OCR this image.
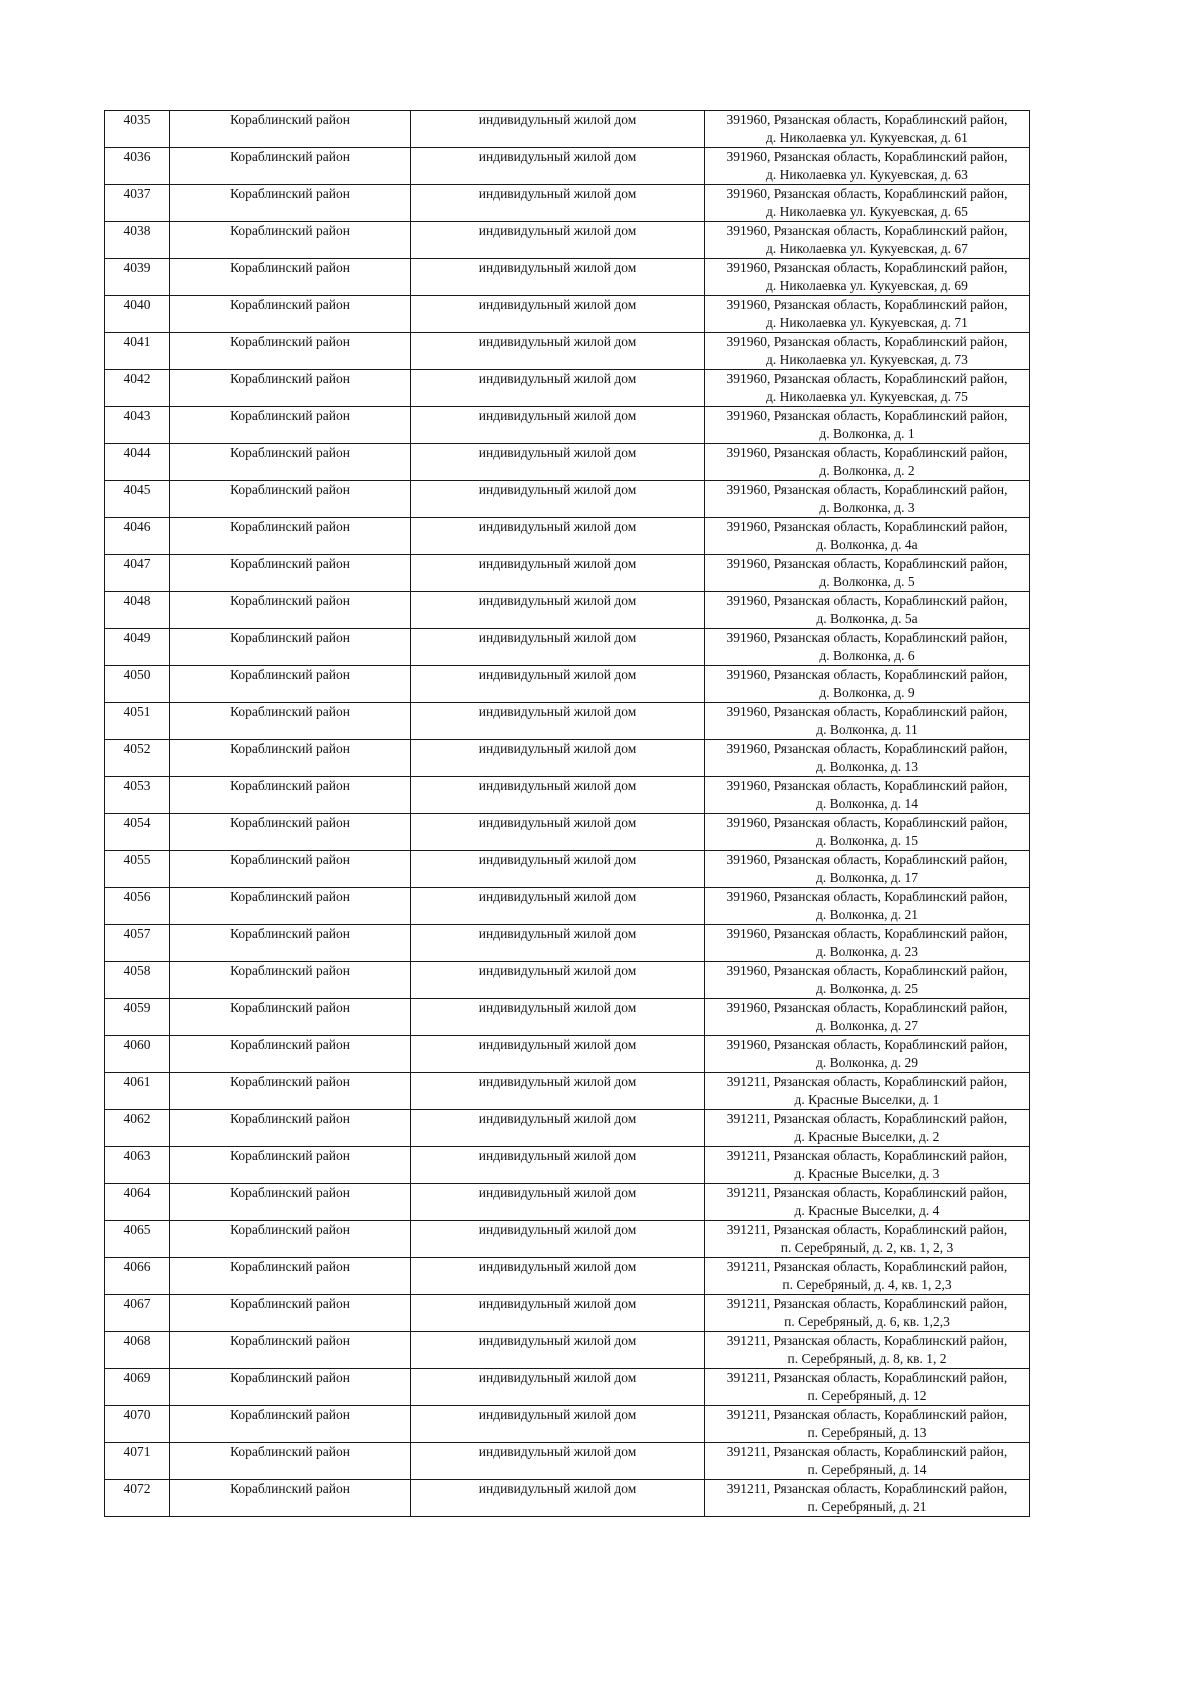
4035	Кораблинский район	индивидульный жилой дом	391960, Рязанская область, Кораблинский район,
д. Николаевка ул. Кукуевская, д. 61

4036	Кораблинский район	индивидульный жилой дом	391960, Рязанская область, Кораблинский район,
д. Николаевка ул. Кукуевская, д. 63

4037	Кораблинский район	индивидульный жилой дом	391960, Рязанская область, Кораблинский район,
д. Николаевка ул. Кукуевская, д. 65

4038	Кораблинский район	индивидульный жилой дом	391960, Рязанская область, Кораблинский район,
д. Николаевка ул. Кукуевская, д. 67

4039	Кораблинский район	индивидульный жилой дом	391960, Рязанская область, Кораблинский район,
д. Николаевка ул. Кукуевская, д. 69

4040	Кораблинский район	индивидульный жилой дом	391960, Рязанская область, Кораблинский район,
д. Николаевка ул. Кукуевская, д. 71

4041	Кораблинский район	индивидульный жилой дом	391960, Рязанская область, Кораблинский район,
д. Николаевка ул. Кукуевская, д. 73

4042	Кораблинский район	индивидульный жилой дом	391960, Рязанская область, Кораблинский район,
д. Николаевка ул. Кукуевская, д. 75

4043	Кораблинский район	индивидульный жилой дом	391960, Рязанская область, Кораблинский район,
д. Волконка, д. 1

4044	Кораблинский район	индивидульный жилой дом	391960, Рязанская область, Кораблинский район,
д. Волконка, д. 2

4045	Кораблинский район	индивидульный жилой дом	391960, Рязанская область, Кораблинский район,
д. Волконка, д. 3

4046	Кораблинский район	индивидульный жилой дом	391960, Рязанская область, Кораблинский район,
д. Волконка, д. 4а

4047	Кораблинский район	индивидульный жилой дом	391960, Рязанская область, Кораблинский район,
д. Волконка, д. 5

4048	Кораблинский район	индивидульный жилой дом	391960, Рязанская область, Кораблинский район,
д. Волконка, д. 5а

4049	Кораблинский район	индивидульный жилой дом	391960, Рязанская область, Кораблинский район,
д. Волконка, д. 6

4050	Кораблинский район	индивидульный жилой дом	391960, Рязанская область, Кораблинский район,
д. Волконка, д. 9

4051	Кораблинский район	индивидульный жилой дом	391960, Рязанская область, Кораблинский район,
д. Волконка, д. 11

4052	Кораблинский район	индивидульный жилой дом	391960, Рязанская область, Кораблинский район,
д. Волконка, д. 13

4053	Кораблинский район	индивидульный жилой дом	391960, Рязанская область, Кораблинский район,
д. Волконка, д. 14

4054	Кораблинский район	индивидульный жилой дом	391960, Рязанская область, Кораблинский район,
д. Волконка, д. 15

4055	Кораблинский район	индивидульный жилой дом	391960, Рязанская область, Кораблинский район,
д. Волконка, д. 17

4056	Кораблинский район	индивидульный жилой дом	391960, Рязанская область, Кораблинский район,
д. Волконка, д. 21

4057	Кораблинский район	индивидульный жилой дом	391960, Рязанская область, Кораблинский район,
д. Волконка, д. 23

4058	Кораблинский район	индивидульный жилой дом	391960, Рязанская область, Кораблинский район,
д. Волконка, д. 25

4059	Кораблинский район	индивидульный жилой дом	391960, Рязанская область, Кораблинский район,
д. Волконка, д. 27

4060	Кораблинский район	индивидульный жилой дом	391960, Рязанская область, Кораблинский район,
д. Волконка, д. 29

4061	Кораблинский район	индивидульный жилой дом	391211, Рязанская область, Кораблинский район,
д. Красные Выселки, д. 1

4062	Кораблинский район	индивидульный жилой дом	391211, Рязанская область, Кораблинский район,
д. Красные Выселки, д. 2

4063	Кораблинский район	индивидульный жилой дом	391211, Рязанская область, Кораблинский район,
д. Красные Выселки, д. 3

4064	Кораблинский район	индивидульный жилой дом	391211, Рязанская область, Кораблинский район,
д. Красные Выселки, д. 4

4065	Кораблинский район	индивидульный жилой дом	391211, Рязанская область, Кораблинский район,
п. Серебряный, д. 2, кв. 1, 2, 3

4066	Кораблинский район	индивидульный жилой дом	391211, Рязанская область, Кораблинский район,
п. Серебряный, д. 4, кв. 1, 2,3

4067	Кораблинский район	индивидульный жилой дом	391211, Рязанская область, Кораблинский район,
п. Серебряный, д. 6, кв. 1,2,3

4068	Кораблинский район	индивидульный жилой дом	391211, Рязанская область, Кораблинский район,
п. Серебряный, д. 8, кв. 1, 2

4069	Кораблинский район	индивидульный жилой дом	391211, Рязанская область, Кораблинский район,
п. Серебряный, д. 12

4070	Кораблинский район	индивидульный жилой дом	391211, Рязанская область, Кораблинский район,
п. Серебряный, д. 13

4071	Кораблинский район	индивидульный жилой дом	391211, Рязанская область, Кораблинский район,
п. Серебряный, д. 14

4072	Кораблинский район	индивидульный жилой дом	391211, Рязанская область, Кораблинский район,
п. Серебряный, д. 21
